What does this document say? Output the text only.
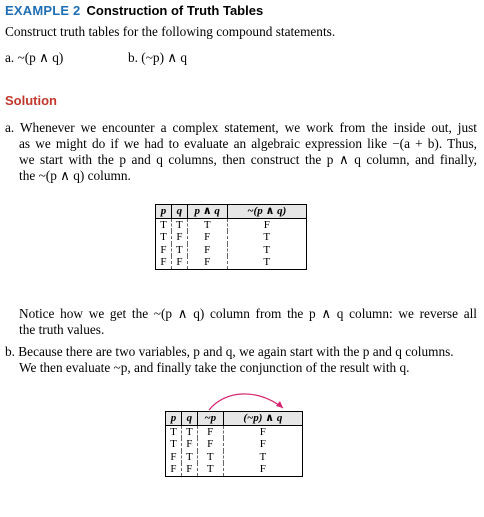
EXAMPLE 2 Construction of Truth Tables
Construct truth tables for the following compound statements.
a. ~(p ∧ q)	b. (~p) ∧ q
Solution
a. Whenever we encounter a complex statement, we work from the inside out, just
as we might do if we had to evaluate an algebraic expression like −(a + b). Thus,
we start with the p and q columns, then construct the p ∧ q column, and finally,
the ~(p ∧ q) column.
p	q	p ∧ q	~(p ∧ q)
T	T	T	F
T	F	F	T
F	T	F	T
F	F	F	T
Notice how we get the ~(p ∧ q) column from the p ∧ q column: we reverse all
the truth values.
b. Because there are two variables, p and q, we again start with the p and q columns.
We then evaluate ~p, and finally take the conjunction of the result with q.
p	q	~p	(~p) ∧ q
T	T	F	F
T	F	F	F
F	T	T	T
F	F	T	F
